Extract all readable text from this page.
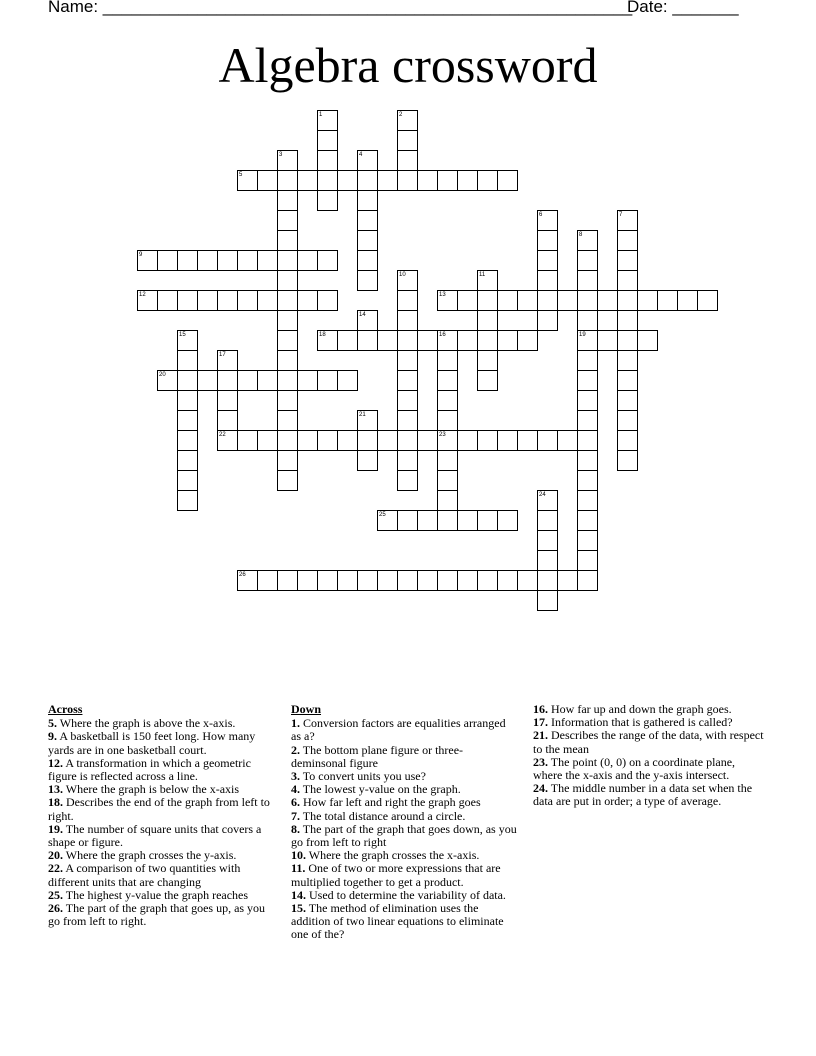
Name: ________________________________________________________
Date: _______
Algebra crossword
5
9
12	13
18	19
20
22
25
26
1	2
3	4
6	7
8
10	11
14
15	16
17
21
23
24
Across
5. Where the graph is above the x-axis.
9. A basketball is 150 feet long. How many yards are in one basketball court.
12. A transformation in which a geometric figure is reflected across a line.
13. Where the graph is below the x-axis
18. Describes the end of the graph from left to right.
19. The number of square units that covers a shape or figure.
20. Where the graph crosses the y-axis.
22. A comparison of two quantities with different units that are changing
25. The highest y-value the graph reaches
26. The part of the graph that goes up, as you go from left to right.
Down
1. Conversion factors are equalities arranged as a?
2. The bottom plane figure or three-deminsonal figure
3. To convert units you use?
4. The lowest y-value on the graph.
6. How far left and right the graph goes
7. The total distance around a circle.
8. The part of the graph that goes down, as you go from left to right
10. Where the graph crosses the x-axis.
11. One of two or more expressions that are multiplied together to get a product.
14. Used to determine the variability of data.
15. The method of elimination uses the addition of two linear equations to eliminate one of the?
16. How far up and down the graph goes.
17. Information that is gathered is called?
21. Describes the range of the data, with respect to the mean
23. The point (0, 0) on a coordinate plane, where the x-axis and the y-axis intersect.
24. The middle number in a data set when the data are put in order; a type of average.
